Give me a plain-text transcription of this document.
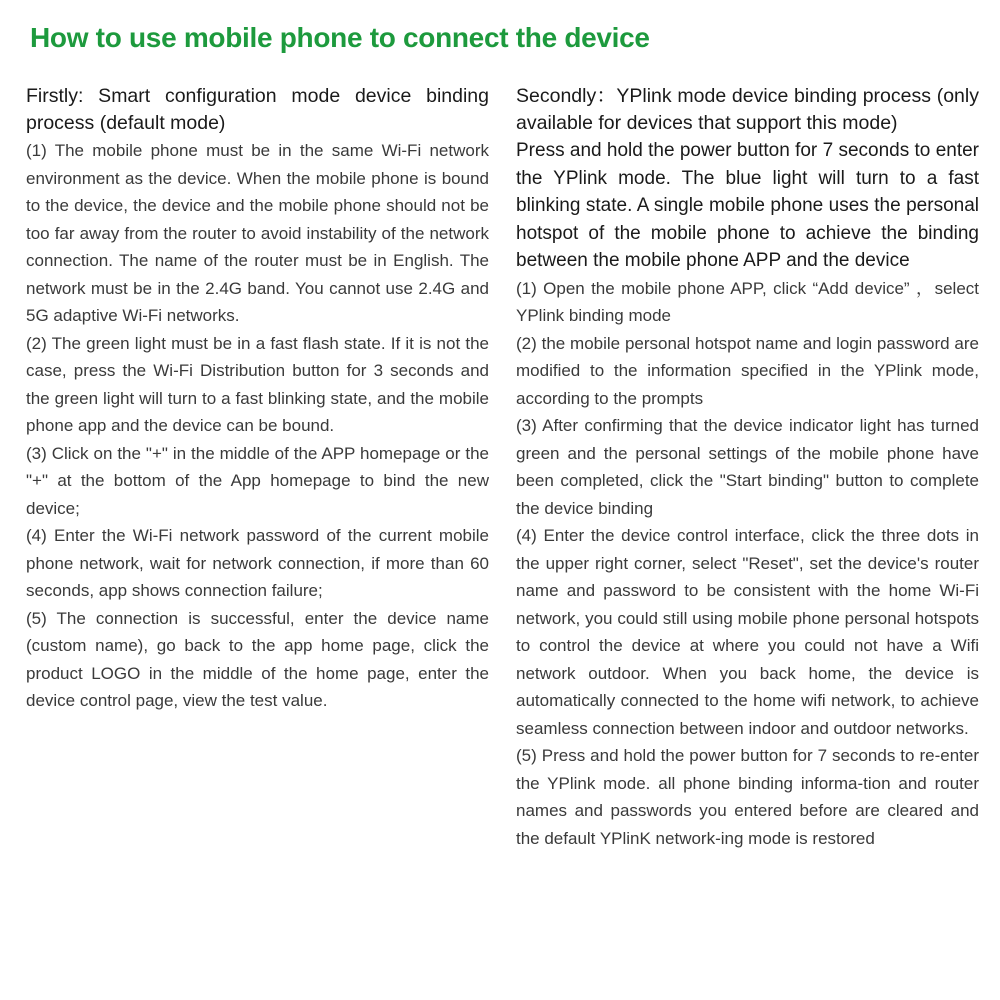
How to use mobile phone to connect the device

Firstly: Smart configuration mode device binding process (default mode)

(1) The mobile phone must be in the same Wi-Fi network environment as the device. When the mobile phone is bound to the device, the device and the mobile phone should not be too far away from the router to avoid instability of the network connection. The name of the router must be in English. The network must be in the 2.4G band. You cannot use 2.4G and 5G adaptive Wi-Fi networks.

(2) The green light must be in a fast flash state. If it is not the case, press the Wi-Fi Distribution button for 3 seconds and the green light will turn to a fast blinking state, and the mobile phone app and the device can be bound.

(3) Click on the "+" in the middle of the APP homepage or the "+" at the bottom of the App homepage to bind the new device;

(4) Enter the Wi-Fi network password of the current mobile phone network, wait for network connection, if more than 60 seconds, app shows connection failure;

(5) The connection is successful, enter the device name (custom name), go back to the app home page, click the product LOGO in the middle of the home page, enter the device control page, view the test value.

Secondly：YPlink mode device binding process (only available for devices that support this mode)

Press and hold the power button for 7 seconds to enter the YPlink mode. The blue light will turn to a fast blinking state. A single mobile phone uses the personal hotspot of the mobile phone to achieve the binding between the mobile phone APP and the device

(1) Open the mobile phone APP, click “Add device” ，select YPlink binding mode

(2) the mobile personal hotspot name and login password are modified to the information specified in the YPlink mode, according to the prompts

(3) After confirming that the device indicator light has turned green and the personal settings of the mobile phone have been completed, click the "Start binding" button to complete the device binding

(4) Enter the device control interface, click the three dots in the upper right corner, select "Reset", set the device's router name and password to be consistent with the home Wi-Fi network, you could still using mobile phone personal hotspots to control the device at where you could not have a Wifi network outdoor. When you back home, the device is automatically connected to the home wifi network, to achieve seamless connection between indoor and outdoor networks.

(5) Press and hold the power button for 7 seconds to re-enter the YPlink mode. all phone binding informa-tion and router names and passwords you entered before are cleared and the default YPlinK network-ing mode is restored
